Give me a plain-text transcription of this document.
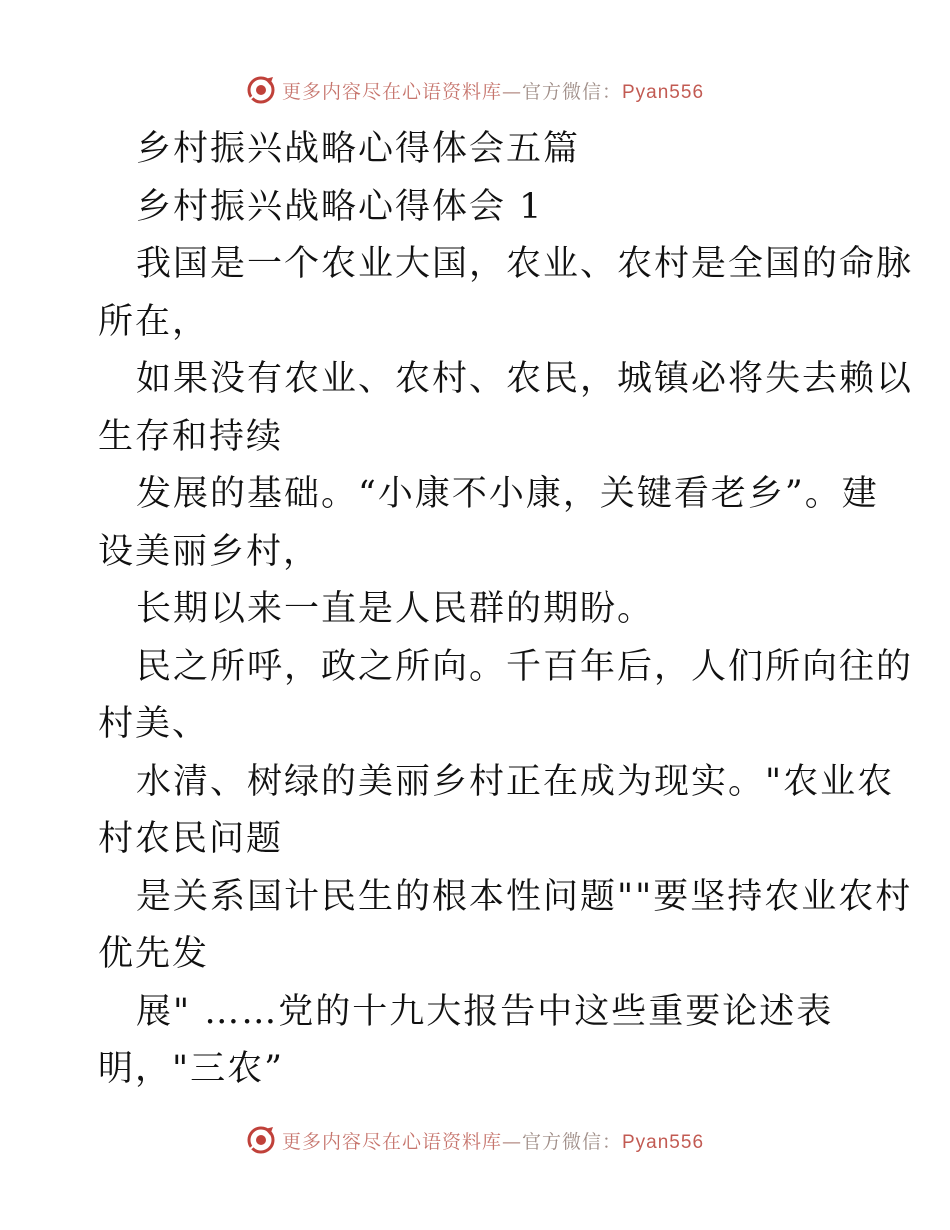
更多内容尽在心语资料库—官方微信：Pyan556
乡村振兴战略心得体会五篇
乡村振兴战略心得体会 1
我国是一个农业大国，农业、农村是全国的命脉
所在，
如果没有农业、农村、农民，城镇必将失去赖以
生存和持续
发展的基础。“小康不小康，关键看老乡”。建
设美丽乡村，
长期以来一直是人民群的期盼。
民之所呼，政之所向。千百年后，人们所向往的
村美、
水清、树绿的美丽乡村正在成为现实。"农业农
村农民问题
是关系国计民生的根本性问题""要坚持农业农村
优先发
展" ……党的十九大报告中这些重要论述表
明，"三农”
更多内容尽在心语资料库—官方微信：Pyan556
